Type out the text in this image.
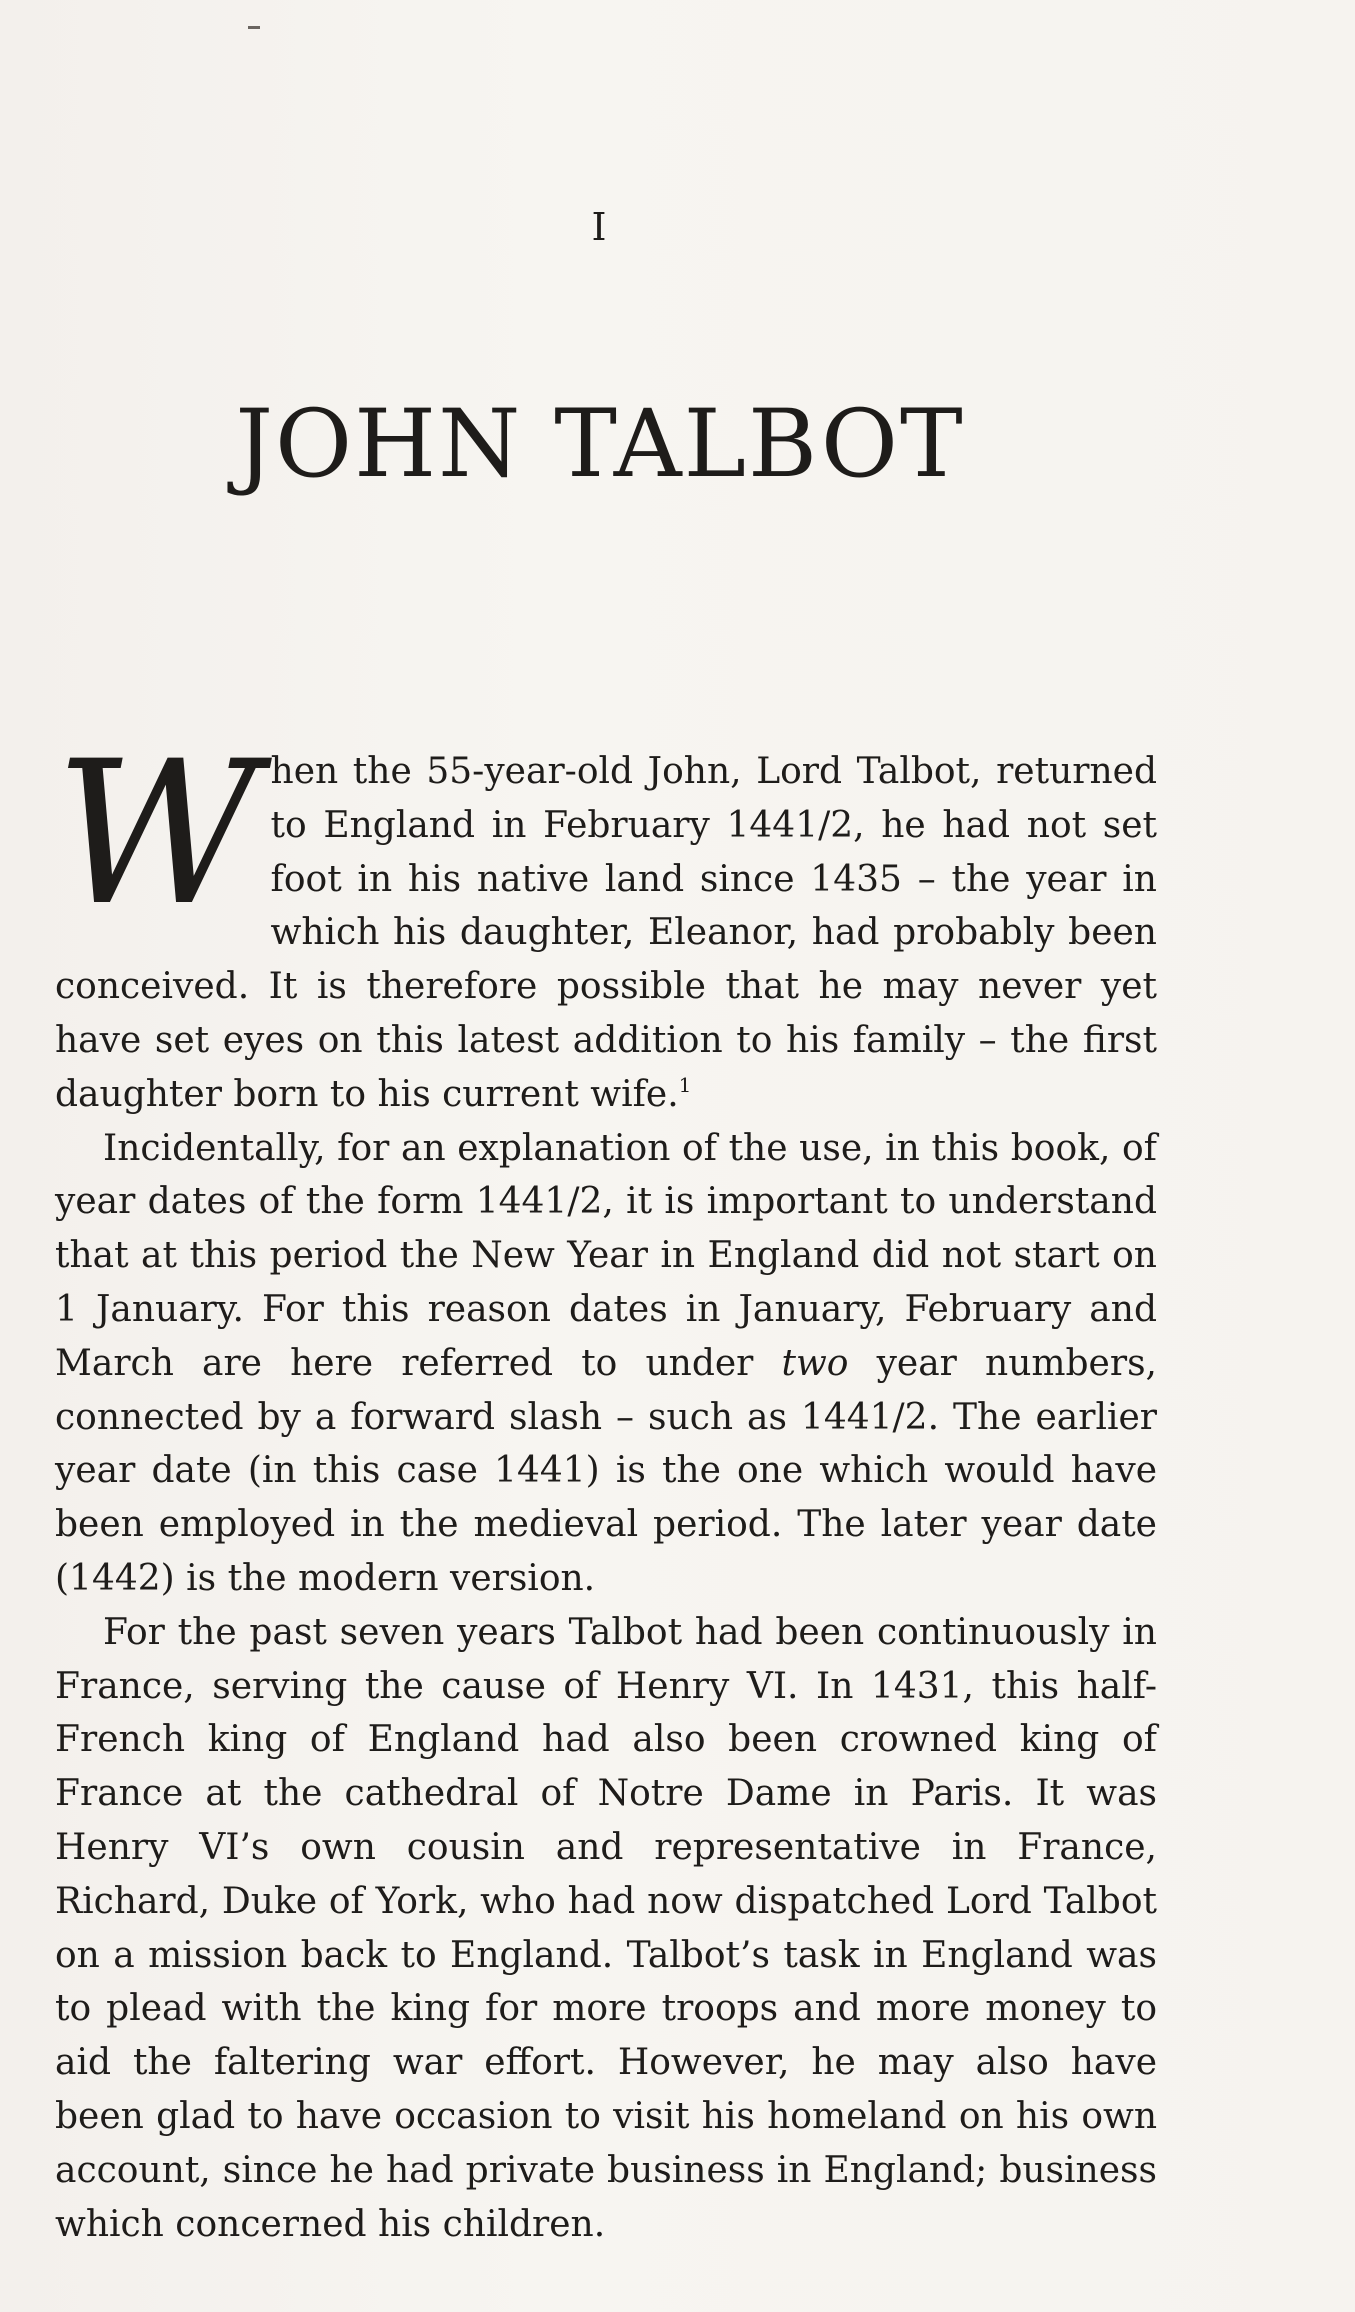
I
JOHN TALBOT

When the 55-year-old John, Lord Talbot, returned to England in February 1441/2, he had not set foot in his native land since 1435 – the year in which his daughter, Eleanor, had probably been conceived. It is therefore possible that he may never yet have set eyes on this latest addition to his family – the first daughter born to his current wife.$^1$

Incidentally, for an explanation of the use, in this book, of year dates of the form 1441/2, it is important to understand that at this period the New Year in England did not start on 1 January. For this reason dates in January, February and March are here referred to under two year numbers, connected by a forward slash – such as 1441/2. The earlier year date (in this case 1441) is the one which would have been employed in the medieval period. The later year date (1442) is the modern version.

For the past seven years Talbot had been continuously in France, serving the cause of Henry VI. In 1431, this half-French king of England had also been crowned king of France at the cathedral of Notre Dame in Paris. It was Henry VI’s own cousin and representative in France, Richard, Duke of York, who had now dispatched Lord Talbot on a mission back to England. Talbot’s task in England was to plead with the king for more troops and more money to aid the faltering war effort. However, he may also have been glad to have occasion to visit his homeland on his own account, since he had private business in England; business which concerned his children.
